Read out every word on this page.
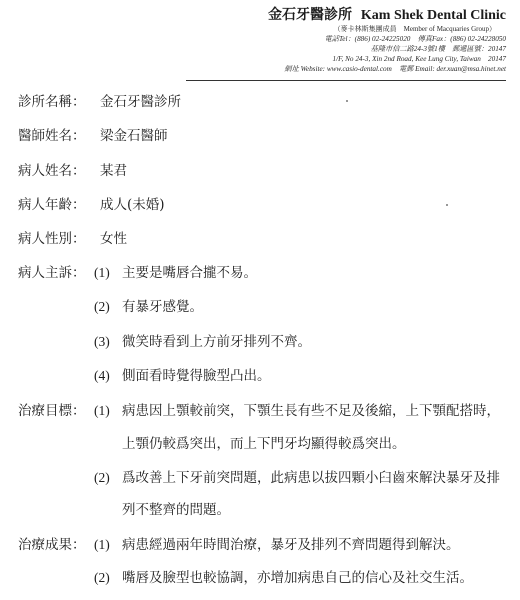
金石牙醫診所 Kam Shek Dental Clinic
（麥卡林斯集團成員　Member of Macquaries Group）
電話Tel：(886) 02-24225020　傳真Fax：(886) 02-24228050
基隆市信二路24-3號1樓　郵遞區號：20147
1/F, No 24-3, Xin 2nd Road, Kee Lung City, Taiwan　20147
網址 Website: www.casio-dental.com　電郵 Email: der.xuan@msa.hinet.net
診所名稱： 金石牙醫診所
醫師姓名： 梁金石醫師
病人姓名： 某君
病人年齡： 成人(未婚)
病人性別： 女性
病人主訴： (1) 主要是嘴唇合攏不易。
(2) 有暴牙感覺。
(3) 微笑時看到上方前牙排列不齊。
(4) 側面看時覺得臉型凸出。
治療目標： (1) 病患因上顎較前突，下顎生長有些不足及後縮，上下顎配搭時，
上顎仍較爲突出，而上下門牙均顯得較爲突出。
(2) 爲改善上下牙前突問題，此病患以拔四顆小臼齒來解決暴牙及排
列不整齊的問題。
治療成果： (1) 病患經過兩年時間治療，暴牙及排列不齊問題得到解決。
(2) 嘴唇及臉型也較協調，亦增加病患自己的信心及社交生活。
